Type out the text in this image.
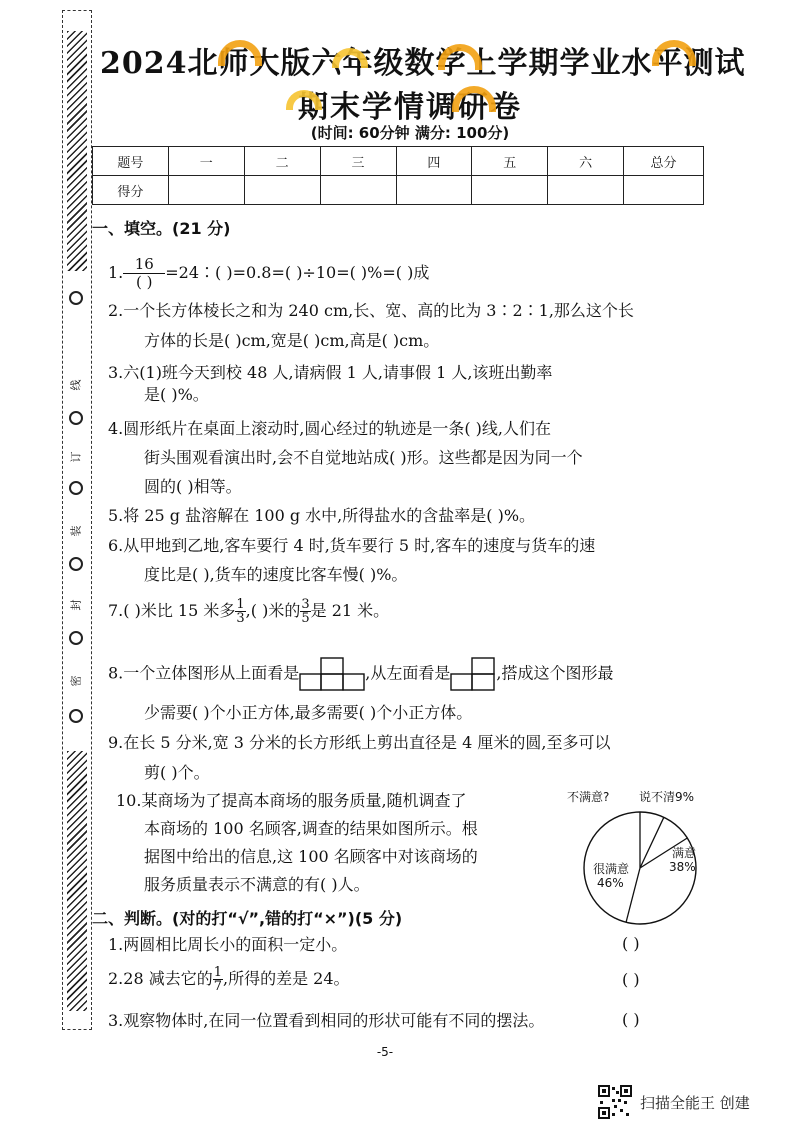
线
订
装
封
密
2024北师大版六年级数学上学期学业水平测试
期末学情调研卷
(时间: 60分钟 满分: 100分)
题号	一	二	三	四	五	六	总分
得分							
一、填空。(21 分)
1. $\frac{16}{( )}=24∶$( )=0.8=( )÷10=( )%=( )成
2.一个长方体棱长之和为 240 cm,长、宽、高的比为 3∶2∶1,那么这个长
方体的长是( )cm,宽是( )cm,高是( )cm。
3.六(1)班今天到校 48 人,请病假 1 人,请事假 1 人,该班出勤率
是( )%。
4.圆形纸片在桌面上滚动时,圆心经过的轨迹是一条( )线,人们在
街头围观看演出时,会不自觉地站成( )形。这些都是因为同一个
圆的( )相等。
5.将 25 g 盐溶解在 100 g 水中,所得盐水的含盐率是( )%。
6.从甲地到乙地,客车要行 4 时,货车要行 5 时,客车的速度与货车的速
度比是( ),货车的速度比客车慢( )%。
7.( )米比 15 米多 $\frac{1}{3}$ ,( )米的 $\frac{3}{5}$ 是 21 米。
8.一个立体图形从上面看是	,从左面看是	,搭成这个图形最
少需要( )个小正方体,最多需要( )个小正方体。
9.在长 5 分米,宽 3 分米的长方形纸上剪出直径是 4 厘米的圆,至多可以
剪( )个。
10.某商场为了提高本商场的服务质量,随机调查了
本商场的 100 名顾客,调查的结果如图所示。根
据图中给出的信息,这 100 名顾客中对该商场的
服务质量表示不满意的有( )人。
不满意? 说不清9%
满意
38%
很满意
46%
二、判断。(对的打“√”,错的打“×”)(5 分)
1.两圆相比周长小的面积一定小。	( )
2.28 减去它的 $\frac{1}{7}$ ,所得的差是 24。	( )
3.观察物体时,在同一位置看到相同的形状可能有不同的摆法。	( )
-5-
扫描全能王 创建
